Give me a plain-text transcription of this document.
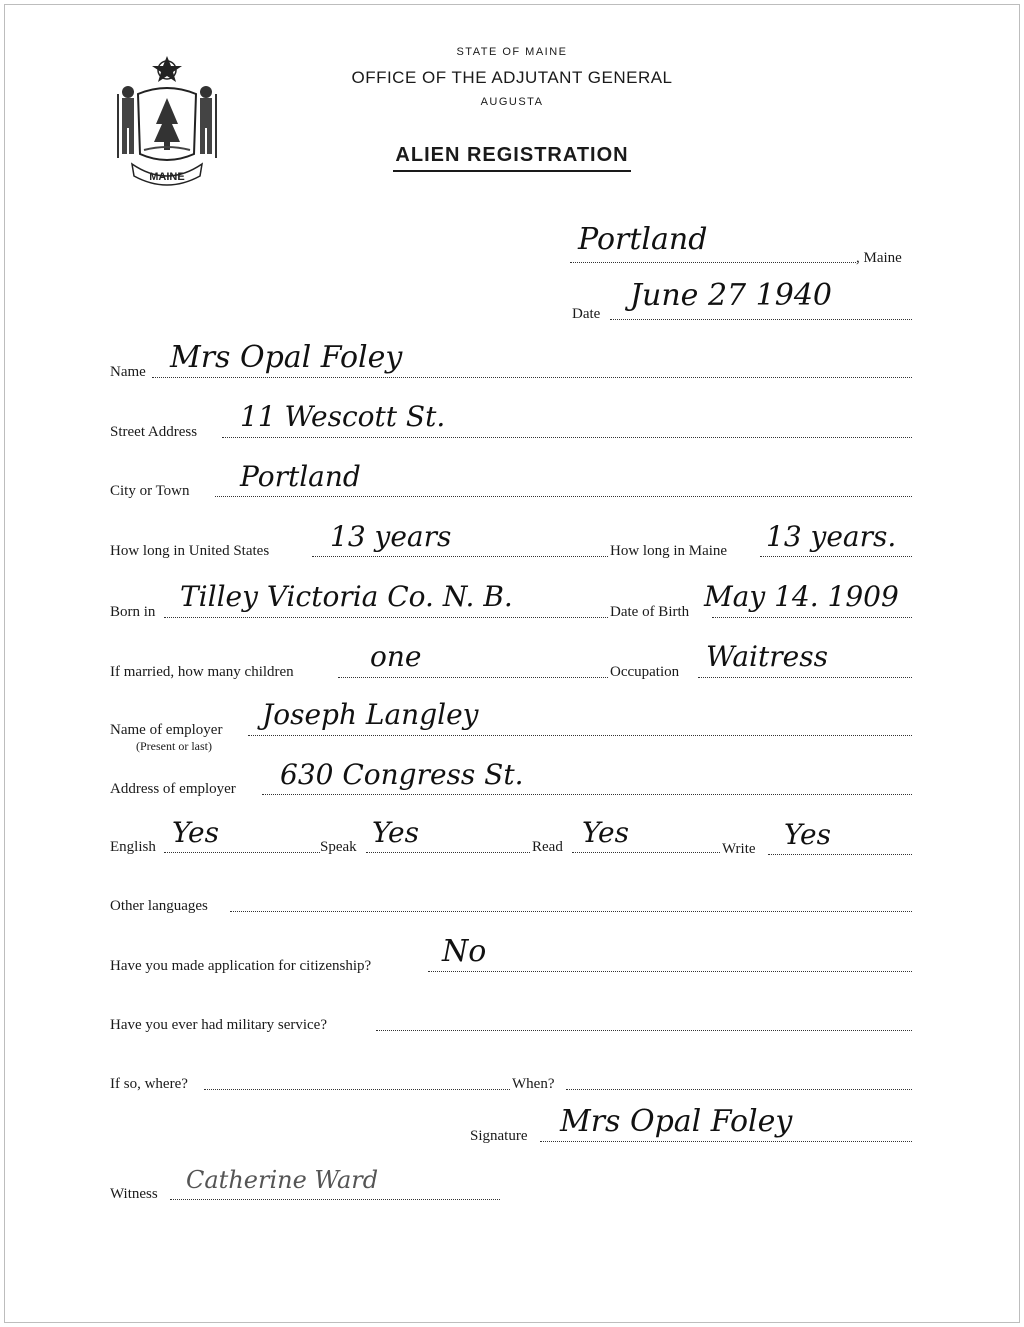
MAINE
STATE OF MAINE
OFFICE OF THE ADJUTANT GENERAL
AUGUSTA
ALIEN REGISTRATION
Portland
, Maine
Date
June 27 1940
Name Mrs Opal Foley
Street Address 11 Wescott St.
City or Town Portland
How long in United States 13 years	How long in Maine 13 years.
Born in Tilley Victoria Co. N. B.	Date of Birth May 14. 1909
If married, how many children	one	Occupation Waitress
Name of employer
(Present or last)
Joseph Langley
Address of employer 630 Congress St.
English Yes	Speak Yes	Read Yes	Write Yes
Other languages
Have you made application for citizenship? No
Have you ever had military service?
If so, where?	When?
Signature Mrs Opal Foley
Witness Catherine Ward
